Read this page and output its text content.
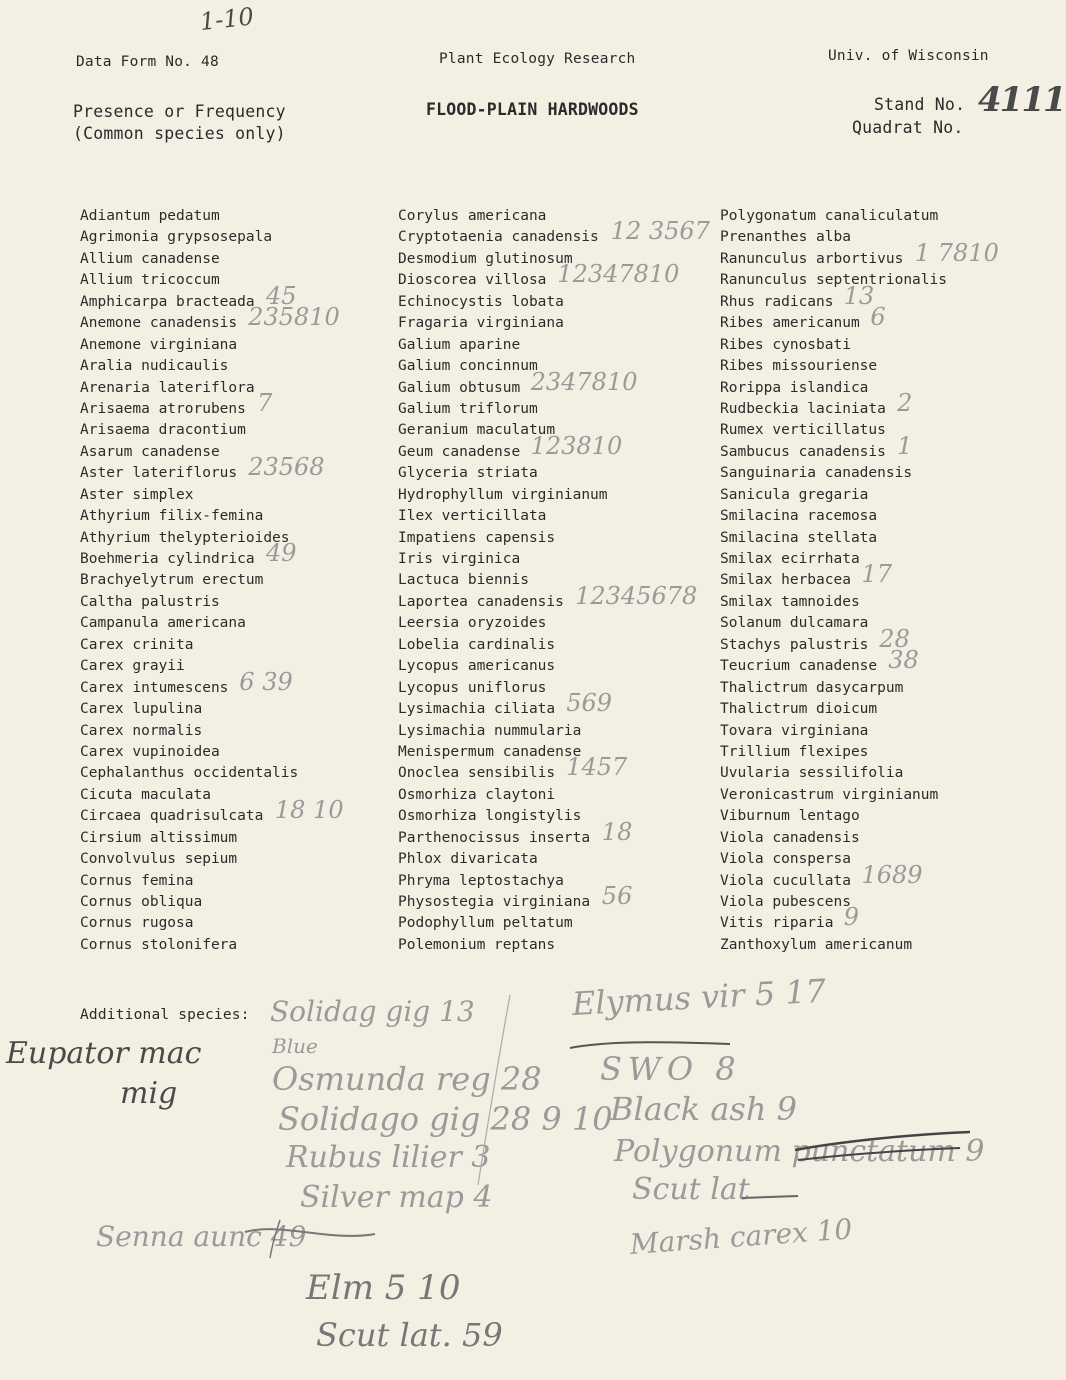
Data Form No. 48	Plant Ecology Research	Univ. of Wisconsin
1-10
Presence or Frequency
(Common species only)
FLOOD-PLAIN HARDWOODS	Stand No.
Quadrat No.
4111
Adiantum pedatum
Agrimonia grypsosepala
Allium canadense
Allium tricoccum
Amphicarpa bracteada 45
Anemone canadensis 235810
Anemone virginiana
Aralia nudicaulis
Arenaria lateriflora
Arisaema atrorubens 7
Arisaema dracontium
Asarum canadense
Aster lateriflorus 23568
Aster simplex
Athyrium filix-femina
Athyrium thelypterioides
Boehmeria cylindrica 49
Brachyelytrum erectum
Caltha palustris
Campanula americana
Carex crinita
Carex grayii
Carex intumescens 6 39
Carex lupulina
Carex normalis
Carex vupinoidea
Cephalanthus occidentalis
Cicuta maculata
Circaea quadrisulcata 18 10
Cirsium altissimum
Convolvulus sepium
Cornus femina
Cornus obliqua
Cornus rugosa
Cornus stolonifera
Corylus americana
Cryptotaenia canadensis 12 3567
Desmodium glutinosum
Dioscorea villosa 12347810
Echinocystis lobata
Fragaria virginiana
Galium aparine
Galium concinnum
Galium obtusum 2347810
Galium triflorum
Geranium maculatum
Geum canadense 123810
Glyceria striata
Hydrophyllum virginianum
Ilex verticillata
Impatiens capensis
Iris virginica
Lactuca biennis
Laportea canadensis 12345678
Leersia oryzoides
Lobelia cardinalis
Lycopus americanus
Lycopus uniflorus
Lysimachia ciliata 569
Lysimachia nummularia
Menispermum canadense
Onoclea sensibilis 1457
Osmorhiza claytoni
Osmorhiza longistylis
Parthenocissus inserta 18
Phlox divaricata
Phryma leptostachya
Physostegia virginiana 56
Podophyllum peltatum
Polemonium reptans
Polygonatum canaliculatum
Prenanthes alba
Ranunculus arbortivus 1 7810
Ranunculus septentrionalis
Rhus radicans 13
Ribes americanum 6
Ribes cynosbati
Ribes missouriense
Rorippa islandica
Rudbeckia laciniata 2
Rumex verticillatus
Sambucus canadensis 1
Sanguinaria canadensis
Sanicula gregaria
Smilacina racemosa
Smilacina stellata
Smilax ecirrhata
Smilax herbacea 17
Smilax tamnoides
Solanum dulcamara
Stachys palustris 28
Teucrium canadense 38
Thalictrum dasycarpum
Thalictrum dioicum
Tovara virginiana
Trillium flexipes
Uvularia sessilifolia
Veronicastrum virginianum
Viburnum lentago
Viola canadensis
Viola conspersa
Viola cucullata 1689
Viola pubescens
Vitis riparia 9
Zanthoxylum americanum
Additional species: Solidag gig 13
Blue
Osmunda reg 28
Solidago gig 28 9 10
Rubus lilier 3
Silver map 4
Senna aunc 49
Elm 5 10
Scut lat. 59
Elymus vir 5 17
SWO 8
Black ash 9
Polygonum punctatum 9
Scut lat
Marsh carex 10
Eupator mac
mig
